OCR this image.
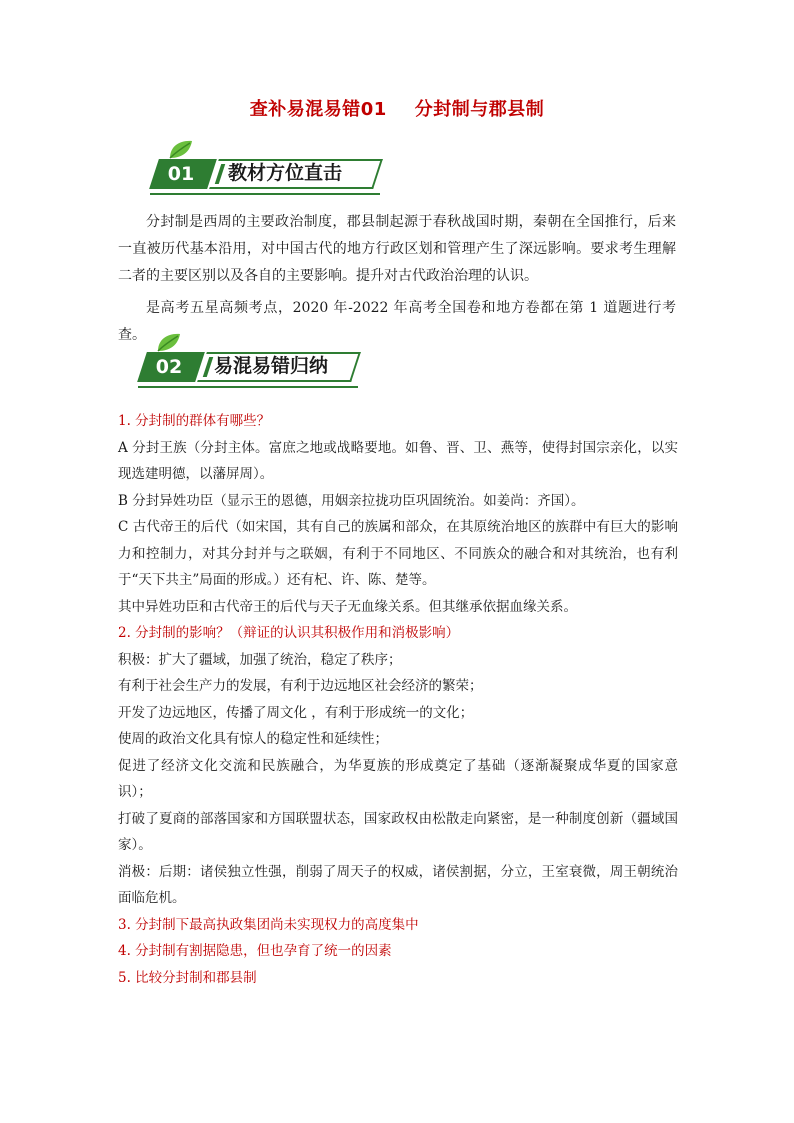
查补易混易错01 分封制与郡县制
01	教材方位直击

分封制是西周的主要政治制度，郡县制起源于春秋战国时期，秦朝在全国推行，后来一直被历代基本沿用，对中国古代的地方行政区划和管理产生了深远影响。要求考生理解二者的主要区别以及各自的主要影响。提升对古代政治治理的认识。

是高考五星高频考点，2020 年-2022 年高考全国卷和地方卷都在第 1 道题进行考查。

02	易混易错归纳

1. 分封制的群体有哪些？

A 分封王族（分封主体。富庶之地或战略要地。如鲁、晋、卫、燕等，使得封国宗亲化，以实现选建明德，以藩屏周）。

B 分封异姓功臣（显示王的恩德，用姻亲拉拢功臣巩固统治。如姜尚：齐国）。

C 古代帝王的后代（如宋国，其有自己的族属和部众，在其原统治地区的族群中有巨大的影响力和控制力，对其分封并与之联姻，有利于不同地区、不同族众的融合和对其统治，也有利于“天下共主”局面的形成。）还有杞、许、陈、楚等。

其中异姓功臣和古代帝王的后代与天子无血缘关系。但其继承依据血缘关系。

2. 分封制的影响？（辩证的认识其积极作用和消极影响）

积极：扩大了疆域，加强了统治，稳定了秩序；

有利于社会生产力的发展，有利于边远地区社会经济的繁荣；

开发了边远地区，传播了周文化 ，有利于形成统一的文化；

使周的政治文化具有惊人的稳定性和延续性；

促进了经济文化交流和民族融合，为华夏族的形成奠定了基础（逐渐凝聚成华夏的国家意识）；

打破了夏商的部落国家和方国联盟状态，国家政权由松散走向紧密，是一种制度创新（疆域国家）。

消极：后期：诸侯独立性强，削弱了周天子的权威，诸侯割据，分立，王室衰微，周王朝统治面临危机。

3. 分封制下最高执政集团尚未实现权力的高度集中

4. 分封制有割据隐患，但也孕育了统一的因素

5. 比较分封制和郡县制
